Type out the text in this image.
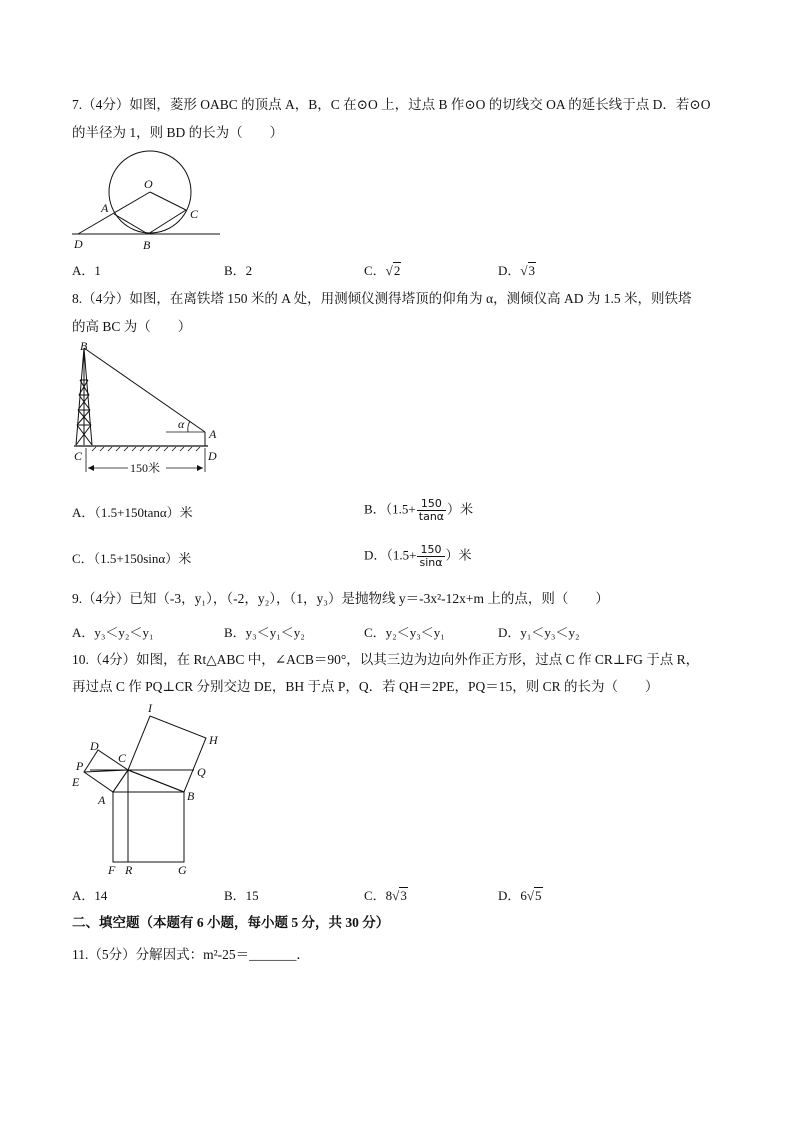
7.（4分）如图，菱形 OABC 的顶点 A，B，C 在⊙O 上，过点 B 作⊙O 的切线交 OA 的延长线于点 D．若⊙O
的半径为 1，则 BD 的长为（　　）
O
A	C
D	B
A．1	B．2	C．√2	D．√3
8.（4分）如图，在离铁塔 150 米的 A 处，用测倾仪测得塔顶的仰角为 α，测倾仪高 AD 为 1.5 米，则铁塔
的高 BC 为（　　）
150米
B
α
A
C	D
A．（1.5+150tanα）米	B．（$1.5+ \frac{150}{\tan\alpha}$ ）米
C．（1.5+150sinα）米	D．（$1.5+ \frac{150}{\sin\alpha}$ ）米
9.（4分）已知（-3，y₁），（-2，y₂），（1，y₃）是抛物线 y＝-3x²-12x+m 上的点，则（　　）
A．y₃＜y₂＜y₁	B．y₃＜y₁＜y₂	C．y₂＜y₃＜y₁	D．y₁＜y₃＜y₂
10.（4分）如图，在 Rt△ABC 中，∠ACB＝90°，以其三边为边向外作正方形，过点 C 作 CR⊥FG 于点 R，
再过点 C 作 PQ⊥CR 分别交边 DE，BH 于点 P，Q．若 QH＝2PE，PQ＝15，则 CR 的长为（　　）
I
H
D
C
P	Q
E
A	B
F R	G
A．14	B．15	C．8√3	D．6√5
二、填空题（本题有 6 小题，每小题 5 分，共 30 分）
11.（5分）分解因式：m²-25＝_______．
